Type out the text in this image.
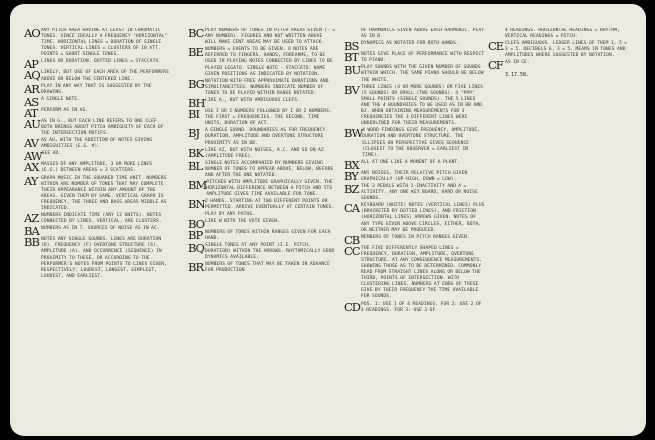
AO ANY PITCH AREA HAVING AT LEAST 10 CHROMATIC TONES. SINCE IDEALLY A FREQUENCY "HORIZONTAL" TIME. HORIZONTAL LINES = DURATION OF SINGLE TONES. VERTICAL LINES = CLUSTERS OF 10 ATT. POINTS = SHORT SINGLE TONES.
AP LINES OR DURATION. DOTTED LINES = STACCATO.
AQ LIKELY, BUT USE OF EACH AREA OF THE PERFORMERS ABOVE OR BELOW THE CENTERED LINE.
AR PLAY IN ANY WAY THAT IS SUGGESTED BY THE DRAWING.
AS A SINGLE NOTE.
AT PERFORM AS IN AS.
AU AS IN G., BUT EACH LINE REFERS TO ONE CLEF. BOTH BRINGS ABOUT PITCH AMBIGUITY OF EACH OF THE INTERSECTION MOTIFS.
AV AS AU, WITH THE ADDITION OF NOTES GIVING AMBIGUITIES (E.G. #).
AW SEE AD.
AX MASSES OF ANY AMPLITUDE, 3 OR MORE LINES (E.G.) BETWEEN AREAS = 3 SCATTERS.
AY GRAPH MUSIC IN THE SQUARED TIME UNIT. NUMBERS WITHIN ARE NUMBER OF TONES THAT MAY COMPLETE THEIR APPEARANCE WITHIN ANY AMOUNT OF THE AREAS. GIVEN THEM BY SAME. VERTICAL GRAPH IS FREQUENCY, THE THREE AND BASS AREAS MIDDLE AS INDICATED.
AZ NUMBERS INDICATE TIME (ANY 12 UNITS). NOTES CONNECTED BY LINES, VERTICAL, ARE CLUSTERS.
BA NUMBERS AS IN T. SOURCES OF NOISE AS IN AC.
BB NOTES ANY SINGLE SOUNDS. LINES ARE DURATION (D). FREQUENCY (F) OVERTONE STRUCTURE (S), AMPLITUDE (A), AND OCCURRENCE (SEQUENCE) IN PROXIMITY TO THESE, OR ACCORDING TO THE PERFORMER'S NOTES FROM POINTS TO LINES GIVEN, RESPECTIVELY, LOUDEST, LONGEST, SIMPLEST, LOUDEST, AND EARLIEST.
BC PLAY NUMBERS OF TONES IN PITCH AREAS GIVEN (- = ANY NUMBER). FIGURES AND NOT WRITTEN ABOVE WILL MAKE CENT AREAS MAY BE USED TO ATTACK.
BE NUMBERS = EVENTS TO BE GIVEN. O NOTES ARE REFERRED TO FINGERS, HANDS, FOREARMS, TO BE USED IN PLAYING NOTES CONNECTED BY LINES TO BE PLAYED LEGATO. SINGLE NOTE - STACCATO. NAME GIVEN POSITIONS AS INDICATED BY NOTATION.
BG NOTATION WITH FREE APPROXIMATE DURATIONS AND SIMULTANEITIES. NUMBERS INDICATE NUMBER OF TONES TO BE PLAYED WITHIN RANGE NOTATED.
BH LIKE A., BUT WITH AMBIGUOUS CLEFS.
BI	USE I OR 2 NUMBERS FOLLOWED BY I OR 2 NUMBERS. THE FIRST = FREQUENCIES. THE SECOND, TIME UNITS, DURATION OF ACT.
BJ	A SINGLE SOUND. BOUNDARIES AS FOR FREQUENCY, DURATION, AMPLITUDE AND OVERTONE STRUCTURE PROXIMITY AS IN BB.
BK LIKE AZ, BUT WITH NOISES, A.C. AND SO ON AZ (AMPLITUDE FREE).
BL SINGLE NOTES ACCOMPANIED BY NUMBERS GIVING NUMBER OF TONES TO APPEAR ABOVE, BELOW, BEFORE AND AFTER THE ONE NOTATED.
BM PITCHES WITH AMPLITUDE GRAPHICALLY GIVEN. THE HORIZONTAL DIFFERENCE BETWEEN A PITCH AND ITS AMPLITUDE GIVES TIME AVAILABLE FOR TONE.
BN 2 HANDS. STARTING AT TWO DIFFERENT POINTS OR PERMITTED. ARRIVE EVENTUALLY AT CERTAIN TONES. PLAY BY ANY PATHS.
BO LIKE W WITH THE VOTE GIVEN.
BP NUMBERS OF TONES WITHIN RANGES GIVEN FOR EACH HAND.
BQ SINGLE TONES AT ANY POINT (I.E. PITCH, DURATION) WITHIN THE ARROWS. RHYTHMICALLY GOOD DYNAMICS AVAILABLE.
BR NUMBERS OF TONES THAT MAY BE TAKEN IN ADVANCE FOR PRODUCTION
OF HARMONICS GIVEN ABOVE EACH HARMONIC. PLAY AS IN B.
BS DYNAMICS AS NOTATED FOR BOTH HANDS.
BT NOTES GIVE PLACE OF PERFORMANCE WITH RESPECT TO PIANO.
BU PLAY SOUNDS WITH THE GIVEN NUMBER OF SOUNDS WITHIN WHICH. THE SAME PIANO SHOULD BE BELOW THE WHITE.
BV THREE LINES (4 OR MORE SOUNDS) OR FIVE LINES (5 SOUNDS) OR SMALL (TWO SOUNDS). 4 "PPP" SMALL POINTS (SINGLE SOUNDS). THE 5 LINES AND THE 4 BOUNDARIES TO BE USED AS IN BB AND BJ. WHEN OBTAINING MEASUREMENTS FOR 3 FREQUENCIES THE 3 DIFFERENT LINES WERE UNDERLINED FOR THEIR MEASUREMENTS.
BW 4 WORD FINDINGS GIVE FREQUENCY, AMPLITUDE, DURATION AND OVERTONE STRUCTURE. THE ELLIPSES OR PERSPECTIVE GIVES SEQUENCE (CLOSEST TO THE OBSERVER = EARLIEST IN TIME).
BX ALL AT ONE LIKE A MOMENT OF A PLANT.
BY ANY NOISES, THEIR RELATIVE PITCH GIVEN GRAPHICALLY (UP-HIGH, DOWN = LOW).
BZ THE 3 PEDALS WITH 1-INACTIVITY AND A = ACTIVITY. ANY ONE KEY BOARD, HARD OR NOISE SOUNDS.
CA KEYBOARD (WHITE) NOTES (VERTICAL LINES) PLUS (BRACKETED BY DOTTED LINES), AND FRICTION (HORIZONTAL LINES) ARROWS GIVEN. NOTES OF ANY TYPE GIVEN ABOVE CIRCLES, EITHER, BOTH, OR NEITHER MAY BE PRODUCED.
CB MEMBERS OF TONES IN PITCH RANGES GIVEN.
CC THE FIVE DIFFERENTLY SHAPED LINES = FREQUENCY, DURATION, AMPLITUDE, OVERTONE STRUCTURE. AT ANY CONSEQUENCE MEASUREMENTS, SHOWING THOSE AS TO BE DETERMINED. COMMONLY READ FROM STRAIGHT LINES ALONG OR BELOW THE THIRD, POINTS OF INTERSECTION. WITH CLUSTERING LINES, NUMBERS AT ENDS OF THESE GIVE BY THEIR FREQUENCY THE TIME AVAILABLE FOR SOUNDS.
CD POS. 1: USE 1 OF 4 READINGS. FOR 2: USE 2 OF 4 READINGS. FOR 3: USE 3 OF
4 READINGS. HORIZONTAL READINGS = RHYTHM, VERTICAL READINGS = PITCH.
CE CLEFS AMBIGUOUS. LEDGER LINES OF THEM 1, 5 = 3 = 5. DECIBELS 6, 3 = 5. MEANS IN TONES AND AMPLITUDES WHERE SUGGESTED BY NOTATION.
CF AS IN CE.
3.17.58.
